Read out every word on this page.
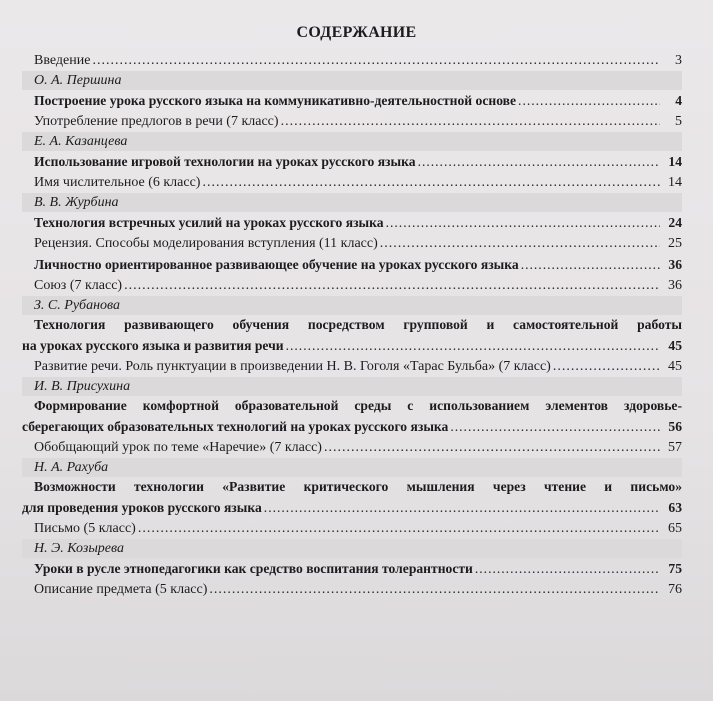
СОДЕРЖАНИЕ
Введение .....	3
О. А. Першина
Построение урока русского языка на коммуникативно-деятельностной основе .....	4
Употребление предлогов в речи (7 класс) .....	5
Е. А. Казанцева
Использование игровой технологии на уроках русского языка .....	14
Имя числительное (6 класс) .....	14
В. В. Журбина
Технология встречных усилий на уроках русского языка .....	24
Рецензия. Способы моделирования вступления (11 класс) .....	25
Личностно ориентированное развивающее обучение на уроках русского языка .....	36
Союз (7 класс) .....	36
З. С. Рубанова
Технология развивающего обучения посредством групповой и самостоятельной работы
на уроках русского языка и развития речи .....	45
Развитие речи. Роль пунктуации в произведении Н. В. Гоголя «Тарас Бульба» (7 класс) .....	45
И. В. Присухина
Формирование комфортной образовательной среды с использованием элементов здоровье-
сберегающих образовательных технологий на уроках русского языка .....	56
Обобщающий урок по теме «Наречие» (7 класс) .....	57
Н. А. Рахуба
Возможности технологии «Развитие критического мышления через чтение и письмо»
для проведения уроков русского языка .....	63
Письмо (5 класс) .....	65
Н. Э. Козырева
Уроки в русле этнопедагогики как средство воспитания толерантности .....	75
Описание предмета (5 класс) .....	76
